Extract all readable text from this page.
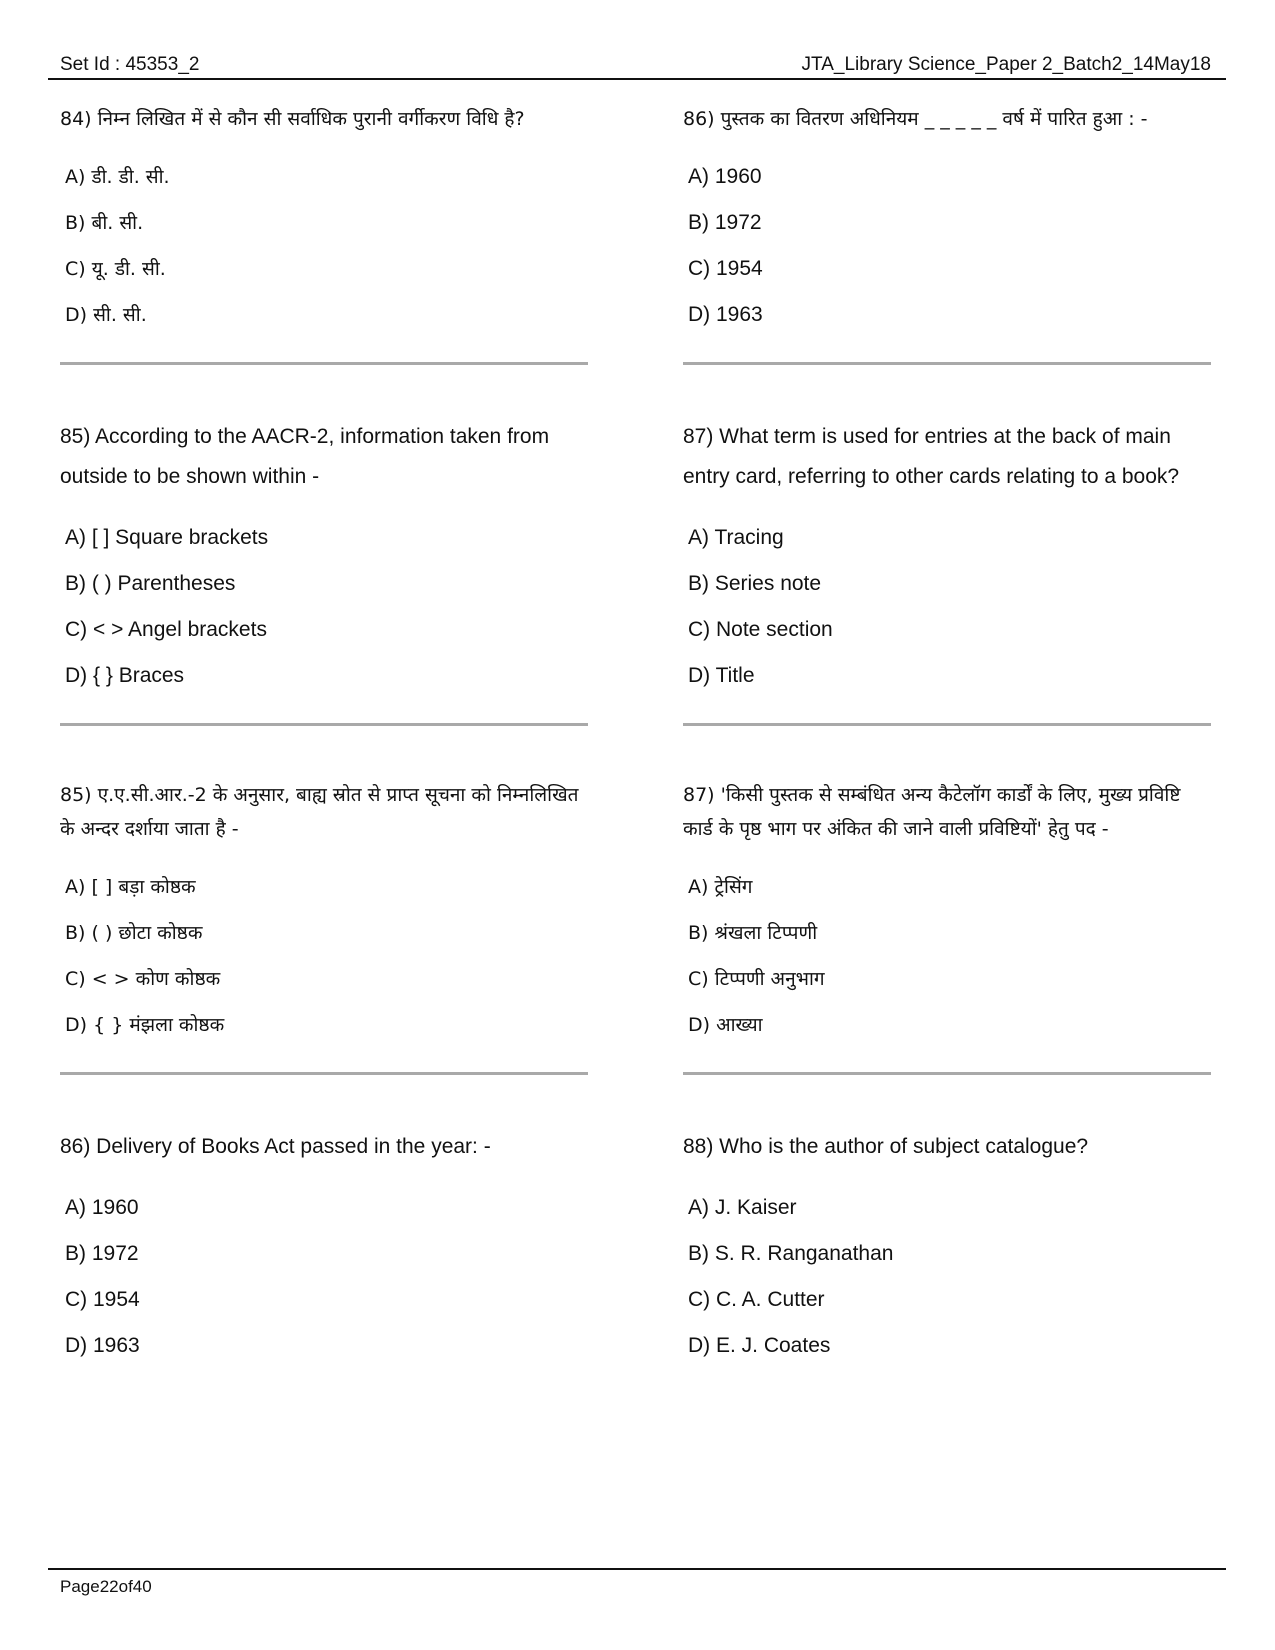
Set Id : 45353_2	JTA_Library Science_Paper 2_Batch2_14May18

84) निम्न लिखित में से कौन सी सर्वाधिक पुरानी वर्गीकरण विधि है?

A) डी. डी. सी.
B) बी. सी.
C) यू. डी. सी.
D) सी. सी.

85) According to the AACR-2, information taken from outside to be shown within -

A) [ ] Square brackets
B) ( ) Parentheses
C) < > Angel brackets
D) { } Braces

85) ए.ए.सी.आर.-2 के अनुसार, बाह्य स्रोत से प्राप्त सूचना को निम्नलिखित के अन्दर दर्शाया जाता है -

A) [ ] बड़ा कोष्ठक
B) ( ) छोटा कोष्ठक
C) < > कोण कोष्ठक
D) { } मंझला कोष्ठक

86) Delivery of Books Act passed in the year: -

A) 1960
B) 1972
C) 1954
D) 1963

86) पुस्तक का वितरण अधिनियम _ _ _ _ _ वर्ष में पारित हुआ : -

A) 1960
B) 1972
C) 1954
D) 1963

87) What term is used for entries at the back of main entry card, referring to other cards relating to a book?

A) Tracing
B) Series note
C) Note section
D) Title

87) 'किसी पुस्तक से सम्बंधित अन्य कैटेलॉग कार्डों के लिए, मुख्य प्रविष्टि कार्ड के पृष्ठ भाग पर अंकित की जाने वाली प्रविष्टियों' हेतु पद -

A) ट्रेसिंग
B) श्रंखला टिप्पणी
C) टिप्पणी अनुभाग
D) आख्या

88) Who is the author of subject catalogue?

A) J. Kaiser
B) S. R. Ranganathan
C) C. A. Cutter
D) E. J. Coates
Page22of40
